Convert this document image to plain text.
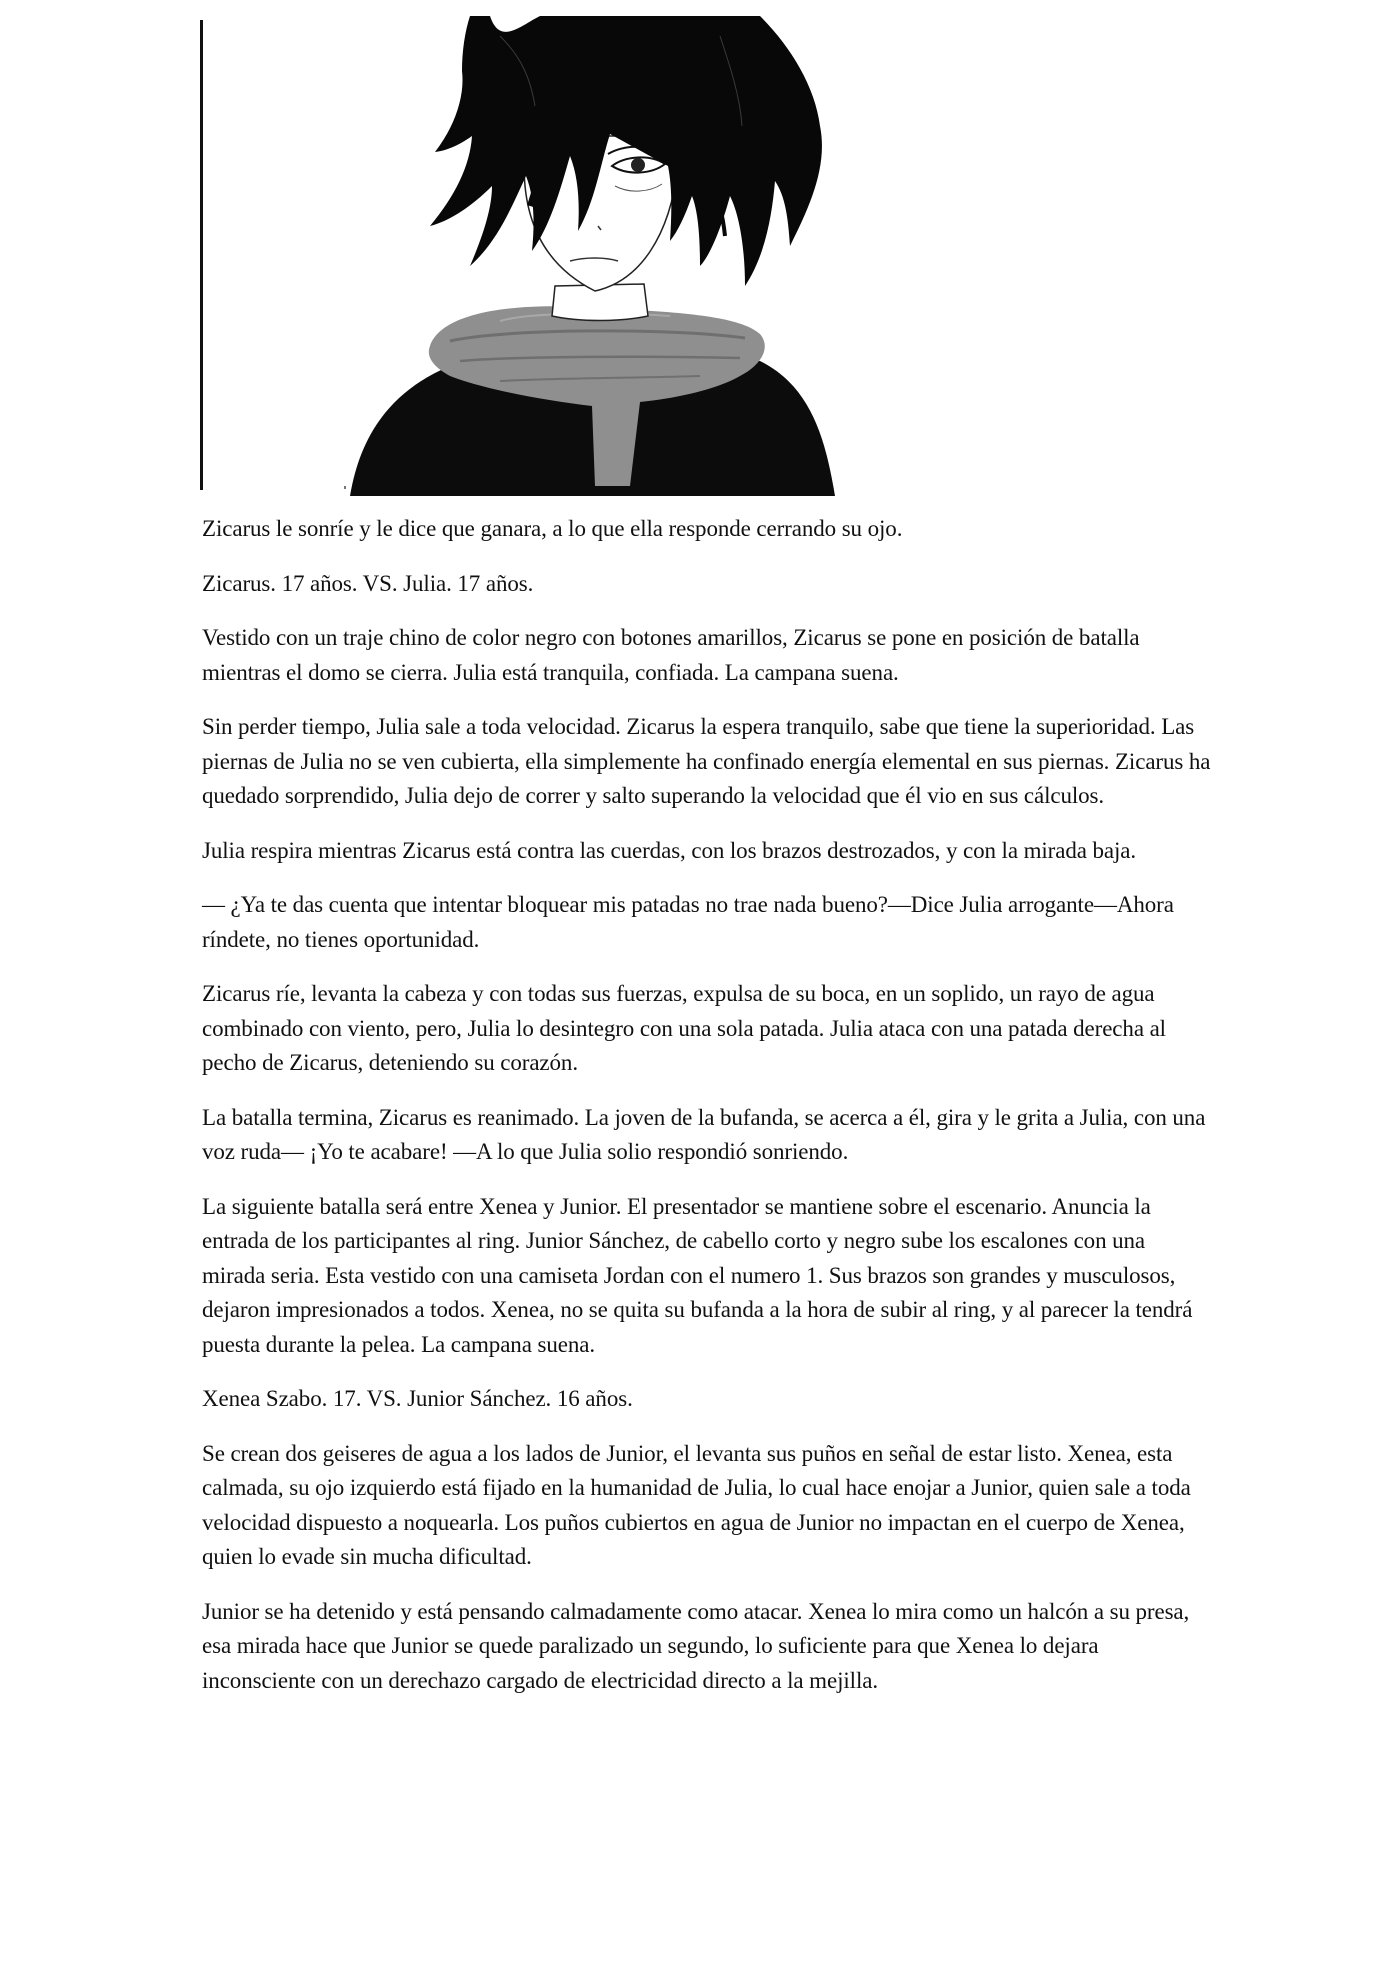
Zicarus le sonríe y le dice que ganara, a lo que ella responde cerrando su ojo.

Zicarus. 17 años. VS. Julia. 17 años.

Vestido con un traje chino de color negro con botones amarillos, Zicarus se pone en posición de batalla mientras el domo se cierra. Julia está tranquila, confiada. La campana suena.

Sin perder tiempo, Julia sale a toda velocidad. Zicarus la espera tranquilo, sabe que tiene la superioridad. Las piernas de Julia no se ven cubierta, ella simplemente ha confinado energía elemental en sus piernas. Zicarus ha quedado sorprendido, Julia dejo de correr y salto superando la velocidad que él vio en sus cálculos.

Julia respira mientras Zicarus está contra las cuerdas, con los brazos destrozados, y con la mirada baja.

— ¿Ya te das cuenta que intentar bloquear mis patadas no trae nada bueno?—Dice Julia arrogante—Ahora ríndete, no tienes oportunidad.

Zicarus ríe, levanta la cabeza y con todas sus fuerzas, expulsa de su boca, en un soplido, un rayo de agua combinado con viento, pero, Julia lo desintegro con una sola patada. Julia ataca con una patada derecha al pecho de Zicarus, deteniendo su corazón.

La batalla termina, Zicarus es reanimado. La joven de la bufanda, se acerca a él, gira y le grita a Julia, con una voz ruda— ¡Yo te acabare! —A lo que Julia solio respondió sonriendo.

La siguiente batalla será entre Xenea y Junior. El presentador se mantiene sobre el escenario. Anuncia la entrada de los participantes al ring. Junior Sánchez, de cabello corto y negro sube los escalones con una mirada seria. Esta vestido con una camiseta Jordan con el numero 1. Sus brazos son grandes y musculosos, dejaron impresionados a todos. Xenea, no se quita su bufanda a la hora de subir al ring, y al parecer la tendrá puesta durante la pelea. La campana suena.

Xenea Szabo. 17. VS. Junior Sánchez. 16 años.

Se crean dos geiseres de agua a los lados de Junior, el levanta sus puños en señal de estar listo. Xenea, esta calmada, su ojo izquierdo está fijado en la humanidad de Julia, lo cual hace enojar a Junior, quien sale a toda velocidad dispuesto a noquearla. Los puños cubiertos en agua de Junior no impactan en el cuerpo de Xenea, quien lo evade sin mucha dificultad.

Junior se ha detenido y está pensando calmadamente como atacar. Xenea lo mira como un halcón a su presa, esa mirada hace que Junior se quede paralizado un segundo, lo suficiente para que Xenea lo dejara inconsciente con un derechazo cargado de electricidad directo a la mejilla.
